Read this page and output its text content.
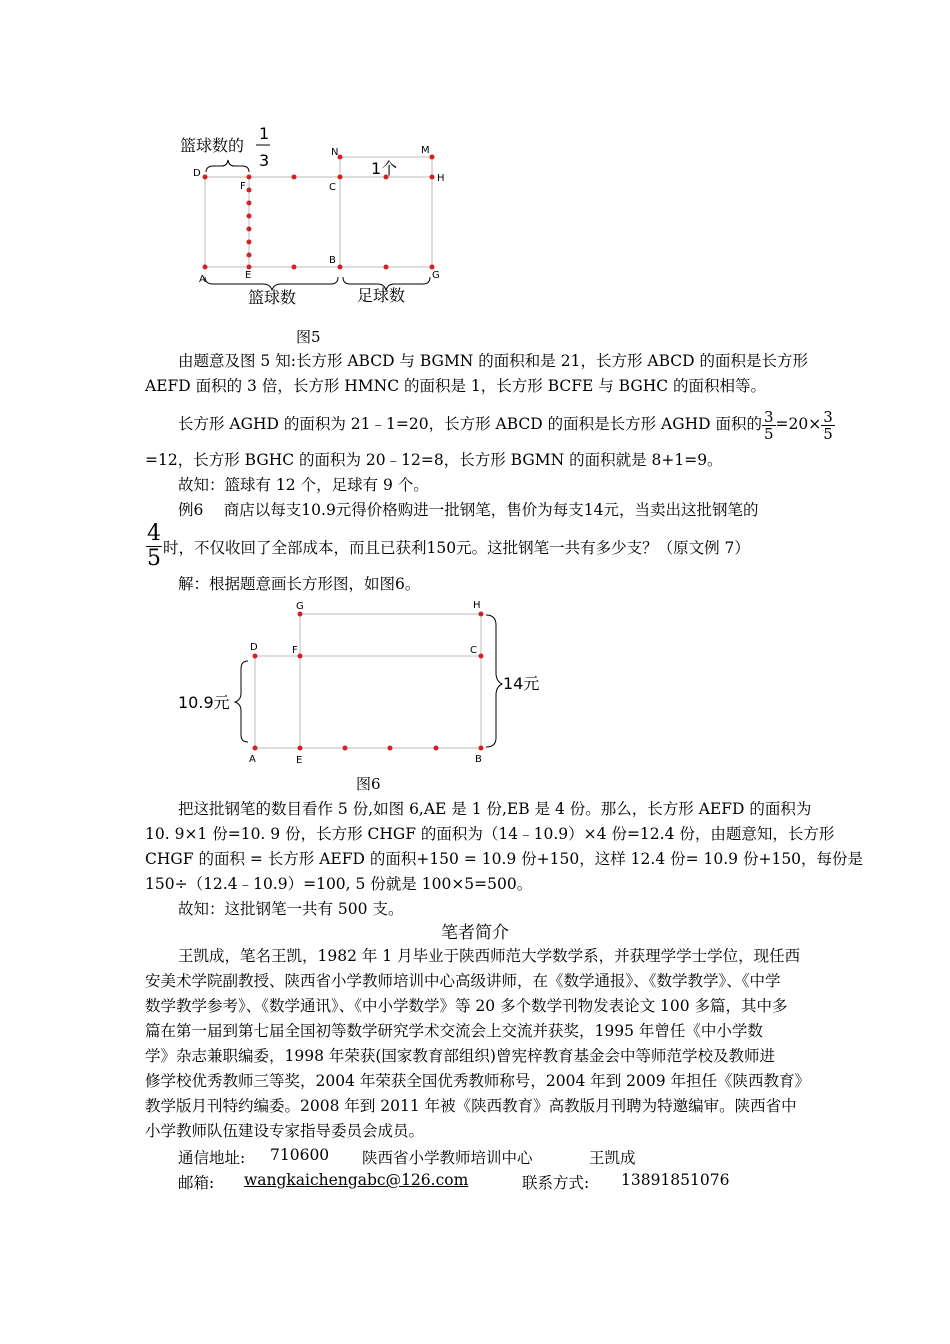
篮球数的
1
3
D
F	C
N	M
H
A	E
B
G
1个
篮球数	足球数
图5
由题意及图 5 知:长方形 ABCD 与 BGMN 的面积和是 21，长方形 ABCD 的面积是长方形
AEFD 面积的 3 倍，长方形 HMNC 的面积是 1，长方形 BCFE 与 BGHC 的面积相等。
长方形 AGHD 的面积为 21﹣1=20，长方形 ABCD 的面积是长方形 AGHD 面积的 $\frac{3}{5} =20\times \frac{3}{5}$
=12，长方形 BGHC 的面积为 20﹣12=8，长方形 BGMN 的面积就是 8+1=9。
故知：篮球有 12 个，足球有 9 个。
例6　 商店以每支10.9元得价格购进一批钢笔，售价为每支14元，当卖出这批钢笔的
$\frac{4}{5}$ 时，不仅收回了全部成本，而且已获利150元。这批钢笔一共有多少支？（原文例 7）
解：根据题意画长方形图，如图6。
G	H
D	F	C
A	E	B
10.9元
14元
图6
把这批钢笔的数目看作 5 份,如图 6,AE 是 1 份,EB 是 4 份。那么，长方形 AEFD 的面积为
10. 9×1 份=10. 9 份，长方形 CHGF 的面积为（14﹣10.9）×4 份=12.4 份，由题意知，长方形
CHGF 的面积 = 长方形 AEFD 的面积+150 = 10.9 份+150，这样 12.4 份= 10.9 份+150，每份是
150÷（12.4﹣10.9）=100, 5 份就是 100×5=500。
故知：这批钢笔一共有 500 支。
笔者简介
王凯成，笔名王凯，1982 年 1 月毕业于陕西师范大学数学系，并获理学学士学位，现任西
安美术学院副教授、陕西省小学教师培训中心高级讲师，在《数学通报》、《数学教学》、《中学
数学教学参考》、《数学通讯》、《中小学数学》等 20 多个数学刊物发表论文 100 多篇，其中多
篇在第一届到第七届全国初等数学研究学术交流会上交流并获奖，1995 年曾任《中小学数
学》杂志兼职编委，1998 年荣获(国家教育部组织)曾宪梓教育基金会中等师范学校及教师进
修学校优秀教师三等奖，2004 年荣获全国优秀教师称号，2004 年到 2009 年担任《陕西教育》
教学版月刊特约编委。2008 年到 2011 年被《陕西教育》高教版月刊聘为特邀编审。陕西省中
小学教师队伍建设专家指导委员会成员。
通信地址: 710600 陕西省小学教师培训中心	王凯成
邮箱: wangkaichengabc@126.com	联系方式: 13891851076
